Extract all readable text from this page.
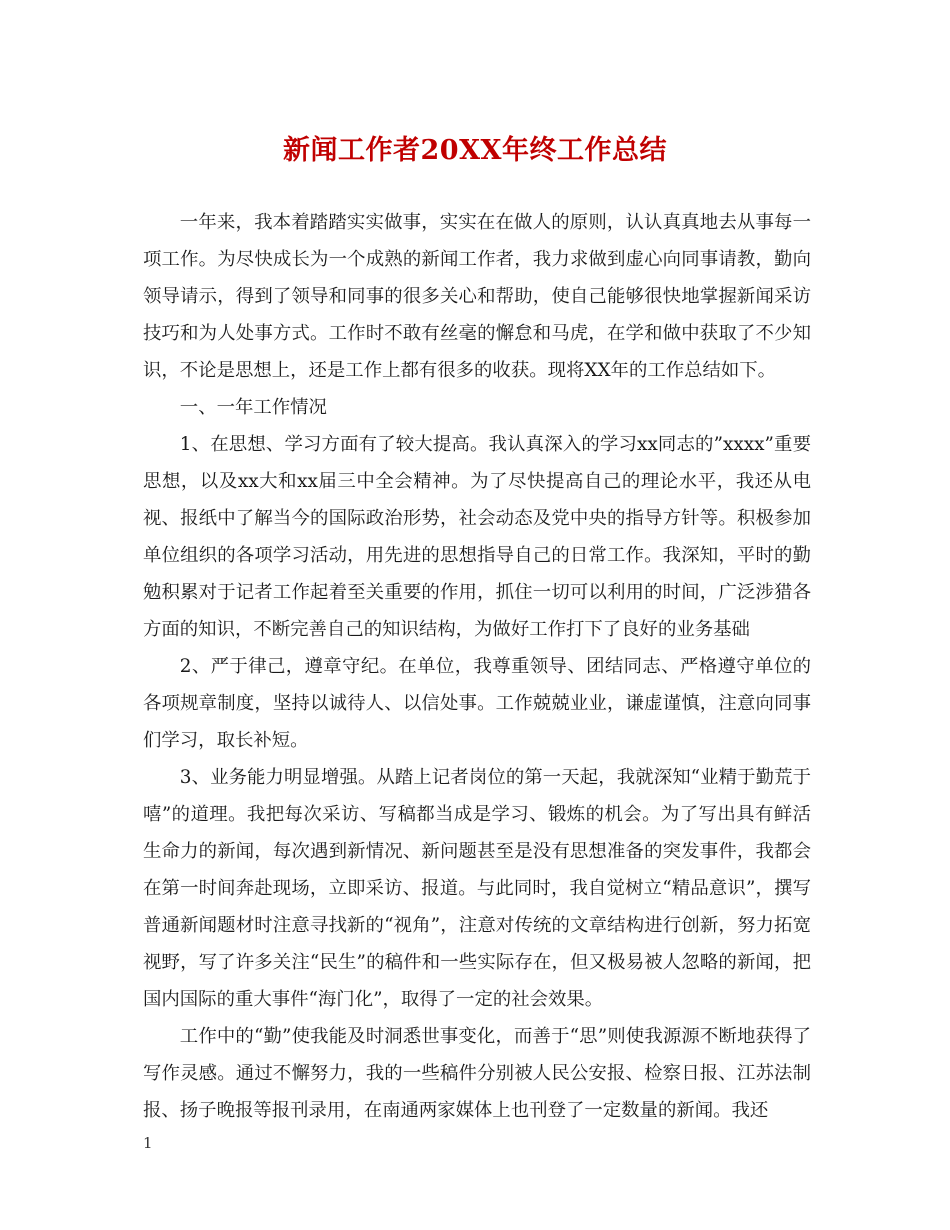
新闻工作者20XX年终工作总结

一年来，我本着踏踏实实做事，实实在在做人的原则，认认真真地去从事每一项工作。为尽快成长为一个成熟的新闻工作者，我力求做到虚心向同事请教，勤向领导请示，得到了领导和同事的很多关心和帮助，使自己能够很快地掌握新闻采访技巧和为人处事方式。工作时不敢有丝毫的懈怠和马虎，在学和做中获取了不少知识，不论是思想上，还是工作上都有很多的收获。现将XX年的工作总结如下。

一、一年工作情况

1、在思想、学习方面有了较大提高。我认真深入的学习xx同志的”xxxx”重要思想，以及xx大和xx届三中全会精神。为了尽快提高自己的理论水平，我还从电视、报纸中了解当今的国际政治形势，社会动态及党中央的指导方针等。积极参加单位组织的各项学习活动，用先进的思想指导自己的日常工作。我深知，平时的勤勉积累对于记者工作起着至关重要的作用，抓住一切可以利用的时间，广泛涉猎各方面的知识，不断完善自己的知识结构，为做好工作打下了良好的业务基础

2、严于律己，遵章守纪。在单位，我尊重领导、团结同志、严格遵守单位的各项规章制度，坚持以诚待人、以信处事。工作兢兢业业，谦虚谨慎，注意向同事们学习，取长补短。

3、业务能力明显增强。从踏上记者岗位的第一天起，我就深知“业精于勤荒于嘻”的道理。我把每次采访、写稿都当成是学习、锻炼的机会。为了写出具有鲜活生命力的新闻，每次遇到新情况、新问题甚至是没有思想准备的突发事件，我都会在第一时间奔赴现场，立即采访、报道。与此同时，我自觉树立“精品意识”，撰写普通新闻题材时注意寻找新的“视角”，注意对传统的文章结构进行创新，努力拓宽视野，写了许多关注“民生”的稿件和一些实际存在，但又极易被人忽略的新闻，把国内国际的重大事件“海门化”，取得了一定的社会效果。

工作中的“勤”使我能及时洞悉世事变化，而善于“思”则使我源源不断地获得了写作灵感。通过不懈努力，我的一些稿件分别被人民公安报、检察日报、江苏法制报、扬子晚报等报刊录用，在南通两家媒体上也刊登了一定数量的新闻。我还

1
